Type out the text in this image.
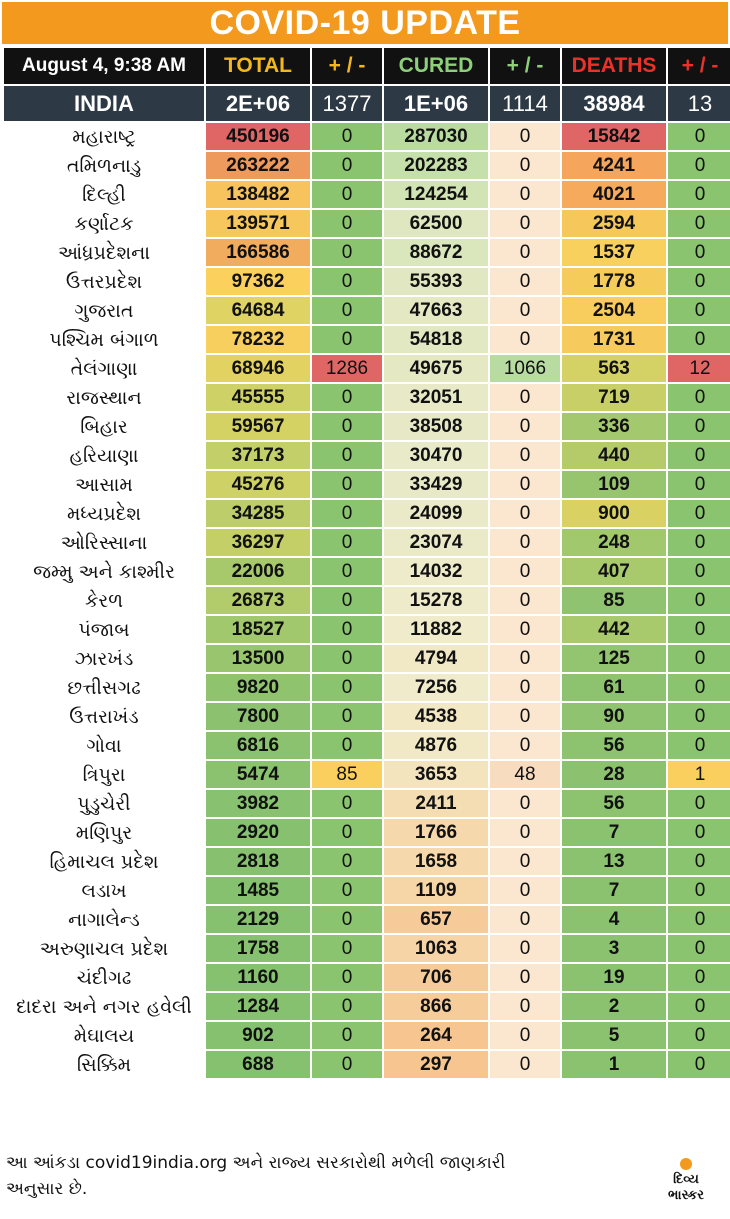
COVID-19 UPDATE
August 4, 9:38 AM	TOTAL	+ / -	CURED	+ / -	DEATHS	+ / -
INDIA	2E+06	1377	1E+06	1114	38984	13
મહારાષ્ટ્ર	450196	0	287030	0	15842	0
તમિળનાડુ	263222	0	202283	0	4241	0
દિલ્હી	138482	0	124254	0	4021	0
કર્ણાટક	139571	0	62500	0	2594	0
આંધ્રપ્રદેશના	166586	0	88672	0	1537	0
ઉત્તરપ્રદેશ	97362	0	55393	0	1778	0
ગુજરાત	64684	0	47663	0	2504	0
પશ્ચિમ બંગાળ	78232	0	54818	0	1731	0
તેલંગાણા	68946	1286	49675	1066	563	12
રાજસ્થાન	45555	0	32051	0	719	0
બિહાર	59567	0	38508	0	336	0
હરિયાણા	37173	0	30470	0	440	0
આસામ	45276	0	33429	0	109	0
મધ્યપ્રદેશ	34285	0	24099	0	900	0
ઓરિસ્સાના	36297	0	23074	0	248	0
જમ્મુ અને કાશ્મીર	22006	0	14032	0	407	0
કેરળ	26873	0	15278	0	85	0
પંજાબ	18527	0	11882	0	442	0
ઝારખંડ	13500	0	4794	0	125	0
છત્તીસગઢ	9820	0	7256	0	61	0
ઉત્તરાખંડ	7800	0	4538	0	90	0
ગોવા	6816	0	4876	0	56	0
ત્રિપુરા	5474	85	3653	48	28	1
પુડુચેરી	3982	0	2411	0	56	0
મણિપુર	2920	0	1766	0	7	0
હિમાચલ પ્રદેશ	2818	0	1658	0	13	0
લડાખ	1485	0	1109	0	7	0
નાગાલેન્ડ	2129	0	657	0	4	0
અરુણાચલ પ્રદેશ	1758	0	1063	0	3	0
ચંદીગઢ	1160	0	706	0	19	0
દાદરા અને નગર હવેલી	1284	0	866	0	2	0
મેઘાલય	902	0	264	0	5	0
સિક્કિમ	688	0	297	0	1	0
આ આંકડા covid19india.org અને રાજ્ય સરકારોથી મળેલી જાણકારી અનુસાર છે.	દિવ્ય
ભાસ્કર
